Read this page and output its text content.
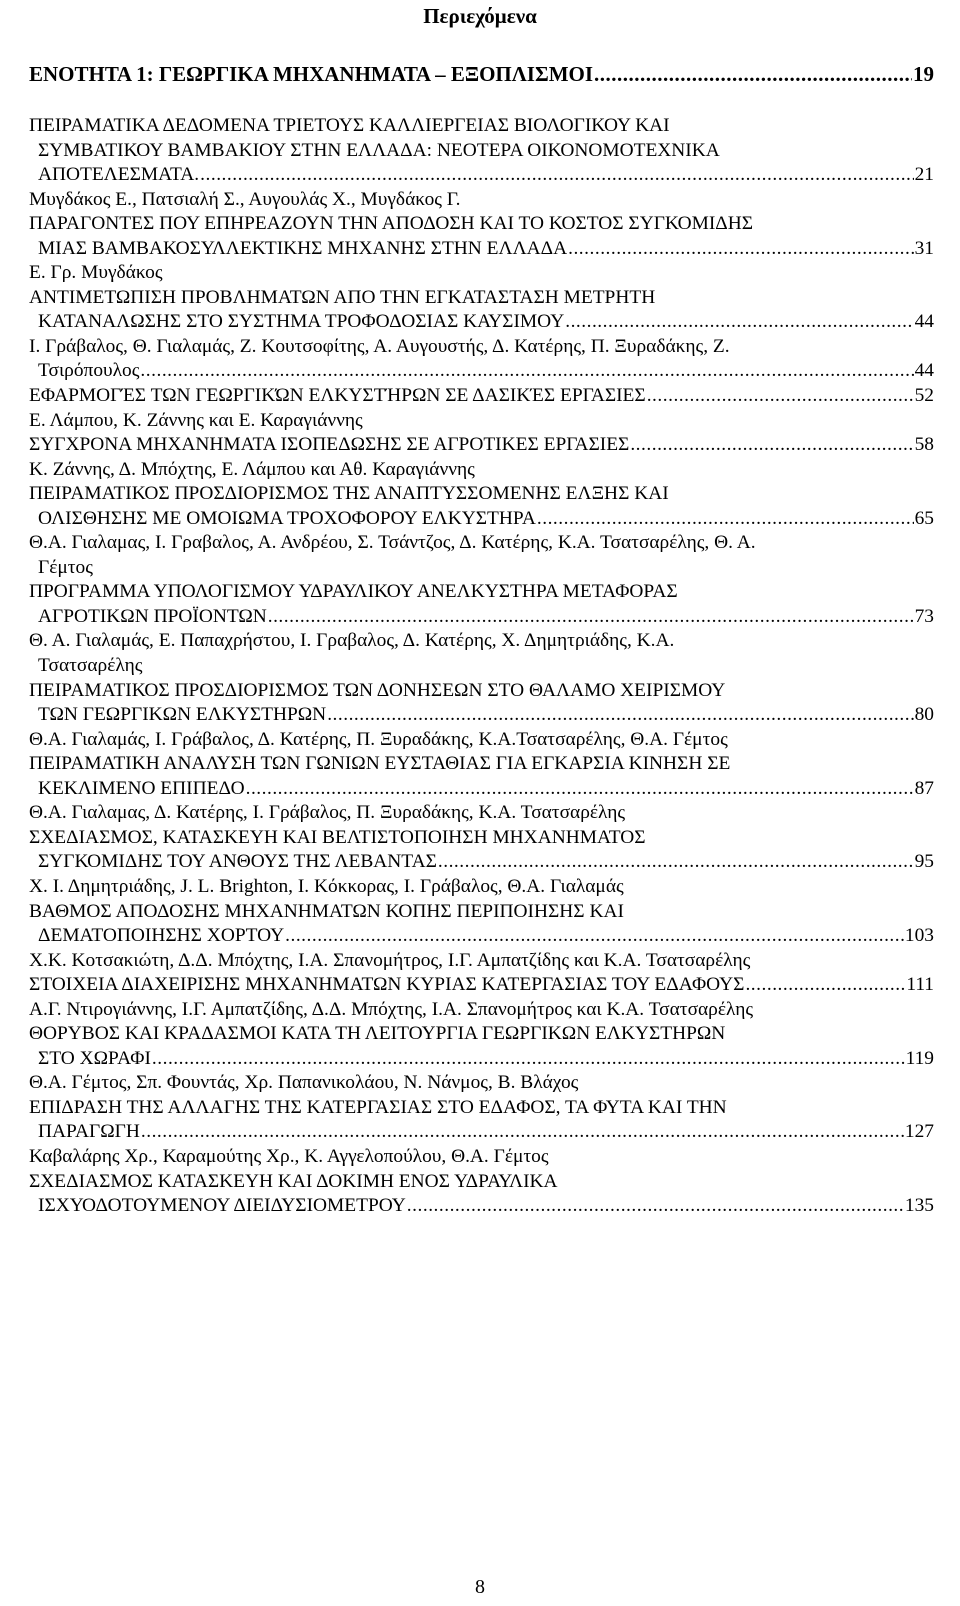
Περιεχόμενα
ΕΝΟΤΗΤΑ 1: ΓΕΩΡΓΙΚΑ ΜΗΧΑΝΗΜΑΤΑ – ΕΞΟΠΛΙΣΜΟΙ .....	19
ΠΕΙΡΑΜΑΤΙΚΑ ΔΕΔΟΜΕΝΑ ΤΡΙΕΤΟΥΣ ΚΑΛΛΙΕΡΓΕΙΑΣ ΒΙΟΛΟΓΙΚΟΥ ΚΑΙ
ΣΥΜΒΑΤΙΚΟΥ ΒΑΜΒΑΚΙΟΥ ΣΤΗΝ ΕΛΛΑΔΑ: ΝΕΟΤΕΡΑ ΟΙΚΟΝΟΜΟΤΕΧΝΙΚΑ
ΑΠΟΤΕΛΕΣΜΑΤΑ. .....	21
Μυγδάκος Ε., Πατσιαλή Σ., Αυγουλάς Χ., Μυγδάκος Γ.
ΠΑΡΑΓΟΝΤΕΣ ΠΟΥ ΕΠΗΡΕΑΖΟΥΝ ΤΗΝ ΑΠΟΔΟΣΗ ΚΑΙ ΤΟ ΚΟΣΤΟΣ ΣΥΓΚΟΜΙΔΗΣ
ΜΙΑΣ ΒΑΜΒΑΚΟΣΥΛΛΕΚΤΙΚΗΣ ΜΗΧΑΝΗΣ ΣΤΗΝ ΕΛΛΑΔΑ .....	31
Ε. Γρ. Μυγδάκος
ΑΝΤΙΜΕΤΩΠΙΣΗ ΠΡΟΒΛΗΜΑΤΩΝ ΑΠΟ ΤΗΝ ΕΓΚΑΤΑΣΤΑΣΗ ΜΕΤΡΗΤΗ
ΚΑΤΑΝΑΛΩΣΗΣ ΣΤΟ ΣΥΣΤΗΜΑ ΤΡΟΦΟΔΟΣΙΑΣ ΚΑΥΣΙΜΟΥ .....	44
Ι. Γράβαλος, Θ. Γιαλαμάς, Ζ. Κουτσοφίτης, Α. Αυγουστής, Δ. Κατέρης, Π. Ξυραδάκης, Ζ.
Τσιρόπουλος .....	44
ΕΦΑΡΜΟΓΈΣ ΤΩΝ ΓΕΩΡΓΙΚΏΝ ΕΛΚΥΣΤΉΡΩΝ ΣΕ ΔΑΣΙΚΈΣ ΕΡΓΑΣΙΕΣ .....	52
Ε. Λάμπου, Κ. Ζάννης και Ε. Καραγιάννης
ΣΥΓΧΡΟΝΑ ΜΗΧΑΝΗΜΑΤΑ ΙΣΟΠΕΔΩΣΗΣ ΣΕ ΑΓΡΟΤΙΚΕΣ ΕΡΓΑΣΙΕΣ .....	58
Κ. Ζάννης, Δ. Μπόχτης, Ε. Λάμπου και Αθ. Καραγιάννης
ΠΕΙΡΑΜΑΤΙΚΟΣ ΠΡΟΣΔΙΟΡΙΣΜΟΣ ΤΗΣ ΑΝΑΠΤΥΣΣΟΜΕΝΗΣ ΕΛΞΗΣ ΚΑΙ
ΟΛΙΣΘΗΣΗΣ ΜΕ ΟΜΟΙΩΜΑ ΤΡΟΧΟΦΟΡΟΥ ΕΛΚΥΣΤΗΡΑ .....	65
Θ.Α. Γιαλαμας, Ι. Γραβαλος, Α. Ανδρέου, Σ. Τσάντζος, Δ. Κατέρης, Κ.Α. Τσατσαρέλης, Θ. Α.
Γέμτος
ΠΡΟΓΡΑΜΜΑ ΥΠΟΛΟΓΙΣΜΟΥ ΥΔΡΑΥΛΙΚΟΥ ΑΝΕΛΚΥΣΤΗΡΑ ΜΕΤΑΦΟΡΑΣ
ΑΓΡΟΤΙΚΩΝ ΠΡΟΪΟΝΤΩΝ .....	73
Θ. Α. Γιαλαμάς, Ε. Παπαχρήστου, Ι. Γραβαλος, Δ. Κατέρης, Χ. Δημητριάδης, Κ.Α.
Τσατσαρέλης
ΠΕΙΡΑΜΑΤΙΚΟΣ ΠΡΟΣΔΙΟΡΙΣΜΟΣ ΤΩΝ ΔΟΝΗΣΕΩΝ ΣΤΟ ΘΑΛΑΜΟ ΧΕΙΡΙΣΜΟΥ
ΤΩΝ ΓΕΩΡΓΙΚΩΝ ΕΛΚΥΣΤΗΡΩΝ .....	80
Θ.Α. Γιαλαμάς, Ι. Γράβαλος, Δ. Κατέρης, Π. Ξυραδάκης, Κ.Α.Τσατσαρέλης, Θ.Α. Γέμτος
ΠΕΙΡΑΜΑΤΙΚΗ ΑΝΑΛΥΣΗ ΤΩΝ ΓΩΝΙΩΝ ΕΥΣΤΑΘΙΑΣ ΓΙΑ ΕΓΚΑΡΣΙΑ ΚΙΝΗΣΗ ΣΕ
ΚΕΚΛΙΜΕΝΟ ΕΠΙΠΕΔΟ .....	87
Θ.Α. Γιαλαμας, Δ. Κατέρης, Ι. Γράβαλος, Π. Ξυραδάκης, Κ.Α. Τσατσαρέλης
ΣΧΕΔΙΑΣΜΟΣ, ΚΑΤΑΣΚΕΥΗ ΚΑΙ ΒΕΛΤΙΣΤΟΠΟΙΗΣΗ ΜΗΧΑΝΗΜΑΤΟΣ
ΣΥΓΚΟΜΙΔΗΣ ΤΟΥ ΑΝΘΟΥΣ ΤΗΣ ΛΕΒΑΝΤΑΣ .....	95
Χ. Ι. Δημητριάδης, J. L. Brighton, Ι. Κόκκορας, Ι. Γράβαλος, Θ.Α. Γιαλαμάς
ΒΑΘΜΟΣ ΑΠΟΔΟΣΗΣ ΜΗΧΑΝΗΜΑΤΩΝ ΚΟΠΗΣ ΠΕΡΙΠΟΙΗΣΗΣ ΚΑΙ
ΔΕΜΑΤΟΠΟΙΗΣΗΣ ΧΟΡΤΟΥ .....	103
Χ.Κ. Κοτσακιώτη, Δ.Δ. Μπόχτης, Ι.Α. Σπανομήτρος, Ι.Γ. Αμπατζίδης και Κ.Α. Τσατσαρέλης
ΣΤΟΙΧΕΙΑ ΔΙΑΧΕΙΡΙΣΗΣ ΜΗΧΑΝΗΜΑΤΩΝ ΚΥΡΙΑΣ ΚΑΤΕΡΓΑΣΙΑΣ ΤΟΥ ΕΔΑΦΟΥΣ .....	111
Α.Γ. Ντιρογιάννης, Ι.Γ. Αμπατζίδης, Δ.Δ. Μπόχτης, Ι.Α. Σπανομήτρος και Κ.Α. Τσατσαρέλης
ΘΟΡΥΒΟΣ ΚΑΙ ΚΡΑΔΑΣΜΟΙ ΚΑΤΑ ΤΗ ΛΕΙΤΟΥΡΓΙΑ ΓΕΩΡΓΙΚΩΝ ΕΛΚΥΣΤΗΡΩΝ
ΣΤΟ ΧΩΡΑΦΙ .....	119
Θ.Α. Γέμτος, Σπ. Φουντάς, Χρ. Παπανικολάου, Ν. Νάνμος, Β. Βλάχος
ΕΠΙΔΡΑΣΗ ΤΗΣ ΑΛΛΑΓΗΣ ΤΗΣ ΚΑΤΕΡΓΑΣΙΑΣ ΣΤΟ ΕΔΑΦΟΣ, ΤΑ ΦΥΤΑ ΚΑΙ ΤΗΝ
ΠΑΡΑΓΩΓΗ .....	127
Καβαλάρης Χρ., Καραμούτης Χρ., Κ. Αγγελοπούλου, Θ.Α. Γέμτος
ΣΧΕΔΙΑΣΜΟΣ ΚΑΤΑΣΚΕΥΗ ΚΑΙ ΔΟΚΙΜΗ ΕΝΟΣ ΥΔΡΑΥΛΙΚΑ
ΙΣΧΥΟΔΟΤΟΥΜΕΝΟΥ ΔΙΕΙΔΥΣΙΟΜΕΤΡΟΥ .....	135
8
